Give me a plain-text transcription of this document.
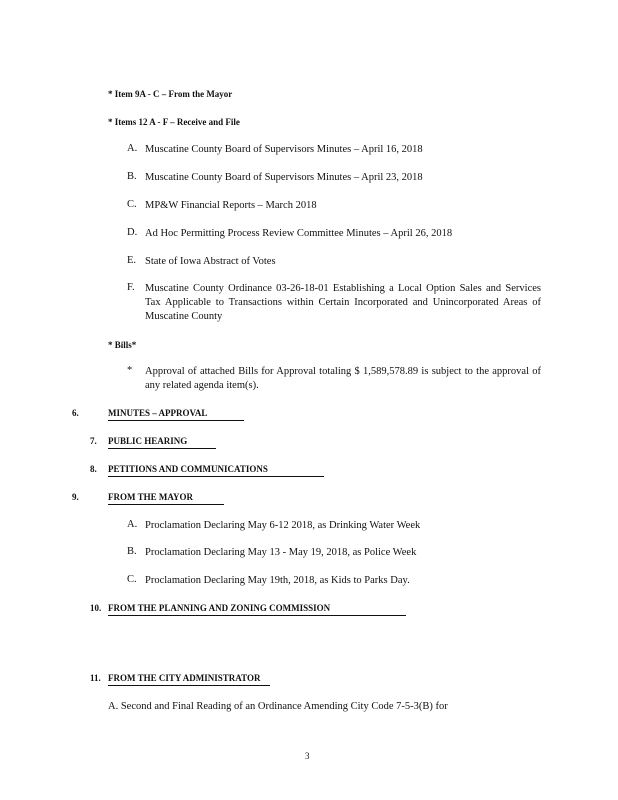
* Item 9A - C – From the Mayor
* Items 12 A - F – Receive and File
A. Muscatine County Board of Supervisors Minutes – April 16, 2018
B. Muscatine County Board of Supervisors Minutes – April 23, 2018
C. MP&W Financial Reports – March 2018
D. Ad Hoc Permitting Process Review Committee Minutes – April 26, 2018
E. State of Iowa Abstract of Votes
F. Muscatine County Ordinance 03-26-18-01 Establishing a Local Option Sales and Services Tax Applicable to Transactions within Certain Incorporated and Unincorporated Areas of Muscatine County
* Bills*
* Approval of attached Bills for Approval totaling $ 1,589,578.89 is subject to the approval of any related agenda item(s).
6.	MINUTES – APPROVAL
7. PUBLIC HEARING
8. PETITIONS AND COMMUNICATIONS
9.	FROM THE MAYOR
A. Proclamation Declaring May 6-12 2018, as Drinking Water Week
B. Proclamation Declaring May 13 - May 19, 2018, as Police Week
C. Proclamation Declaring May 19th, 2018, as Kids to Parks Day.
10. FROM THE PLANNING AND ZONING COMMISSION
11. FROM THE CITY ADMINISTRATOR
A. Second and Final Reading of an Ordinance Amending City Code 7-5-3(B) for
3
